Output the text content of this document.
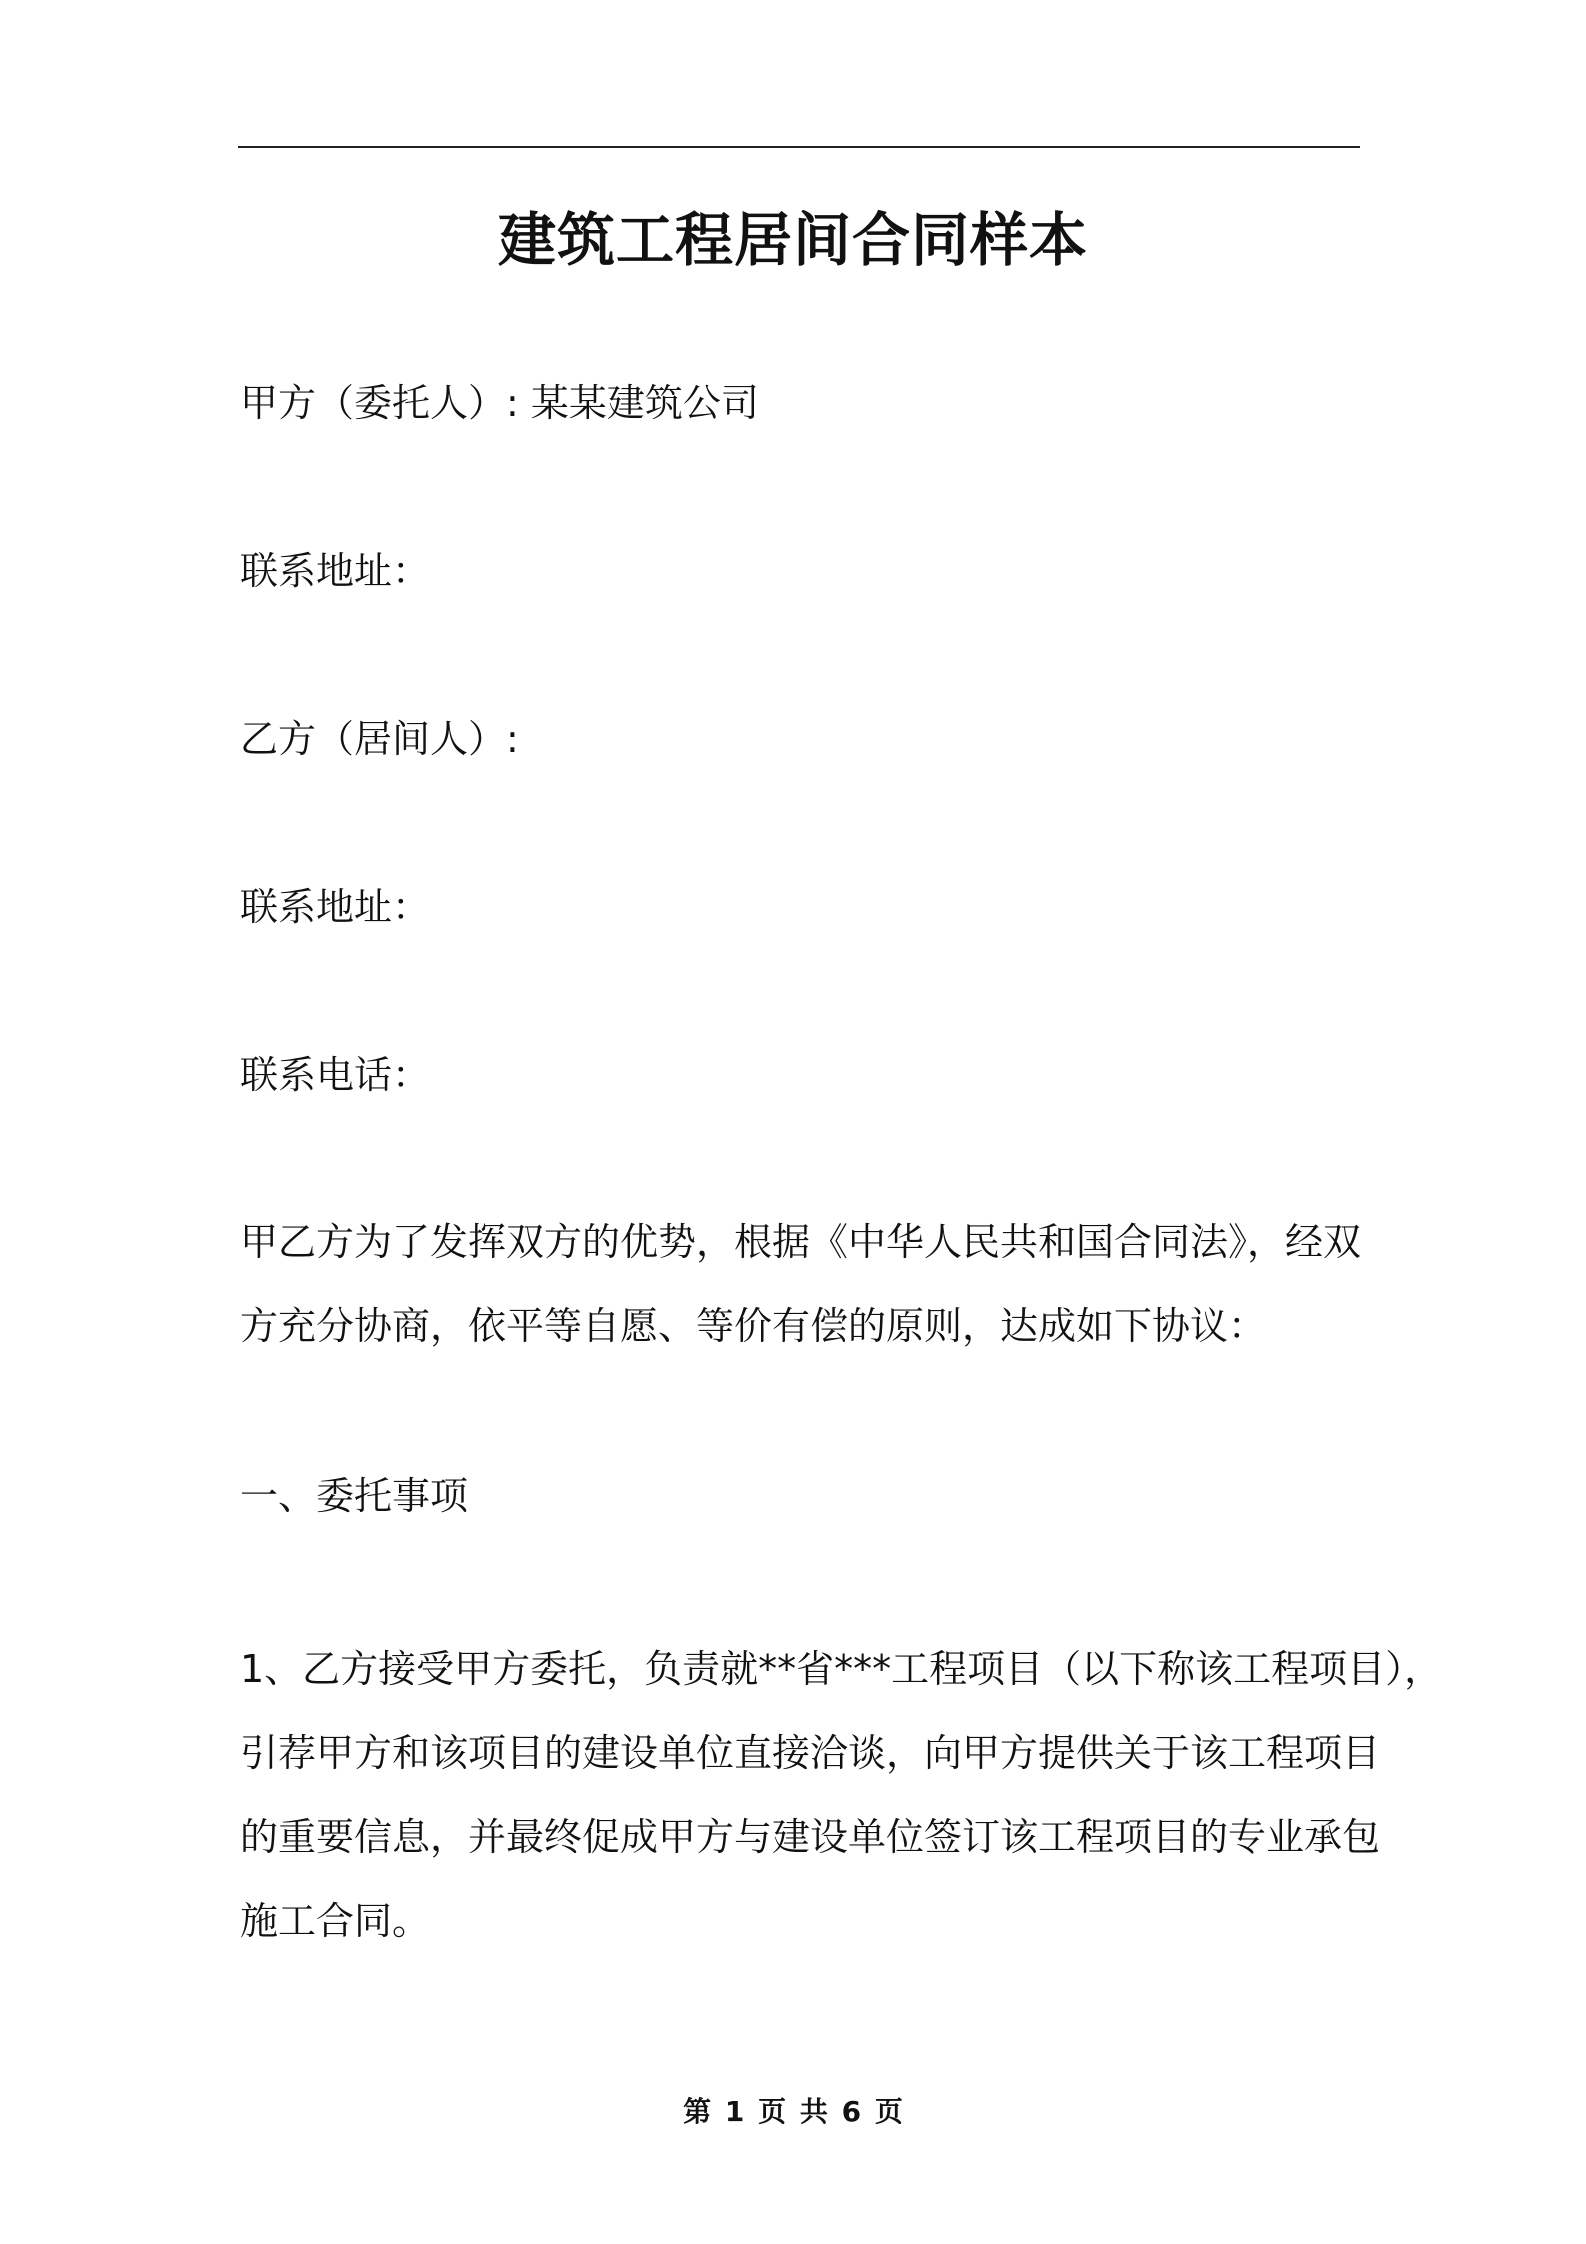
建筑工程居间合同样本
甲方（委托人）: 某某建筑公司
联系地址：
乙方（居间人）:
联系地址：
联系电话：
甲乙方为了发挥双方的优势，根据《中华人民共和国合同法》，经双
方充分协商，依平等自愿、等价有偿的原则，达成如下协议：
一、委托事项
1、乙方接受甲方委托，负责就**省***工程项目（以下称该工程项目），
引荐甲方和该项目的建设单位直接洽谈，向甲方提供关于该工程项目
的重要信息，并最终促成甲方与建设单位签订该工程项目的专业承包
施工合同。
第 1 页 共 6 页
